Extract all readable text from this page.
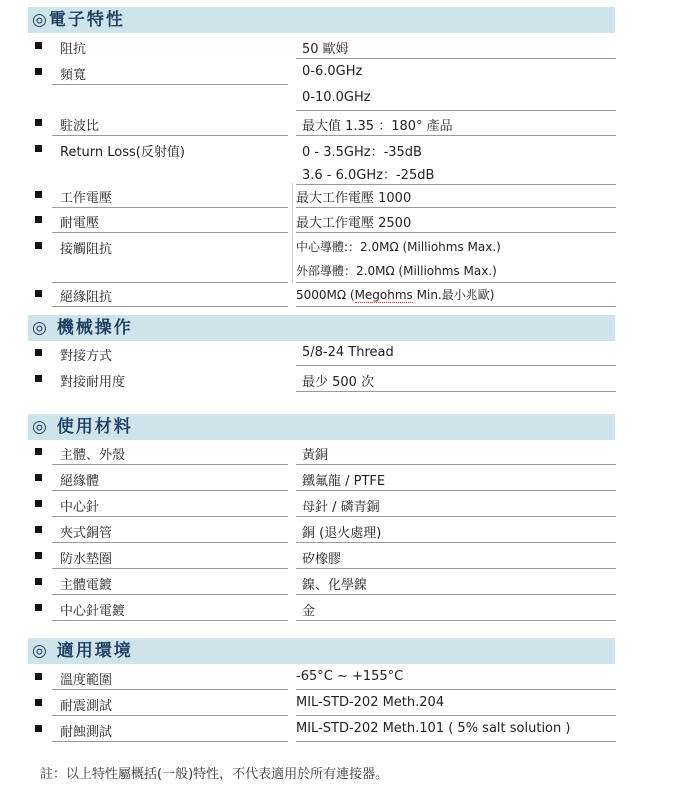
◎電子特性
阻抗	50 歐姆
頻寬	0-6.0GHz
0-10.0GHz
駐波比	最大值 1.35 ：180° 產品
Return Loss(反射值)	0 - 3.5GHz：-35dB
3.6 - 6.0GHz：-25dB
工作電壓	最大工作電壓 1000
耐電壓	最大工作電壓 2500
接觸阻抗	中心導體:：2.0MΩ (Milliohms Max.)
外部導體：2.0MΩ (Milliohms Max.)
絕緣阻抗	5000MΩ (Megohms Min.最小兆歐)
◎ 機械操作
對接方式	5/8-24 Thread
對接耐用度	最少 500 次
◎ 使用材料
主體、外殼	黃銅
絕緣體	鐵氟龍 / PTFE
中心針	母針 / 磷青銅
夾式銅管	銅 (退火處理)
防水墊圈	矽橡膠
主體電鍍	鎳、化學鎳
中心針電鍍	金
◎ 適用環境
溫度範圍	-65°C ~ +155°C
耐震測試	MIL-STD-202 Meth.204
耐蝕測試	MIL-STD-202 Meth.101 ( 5% salt solution )
註：以上特性屬概括(一般)特性，不代表適用於所有連接器。
